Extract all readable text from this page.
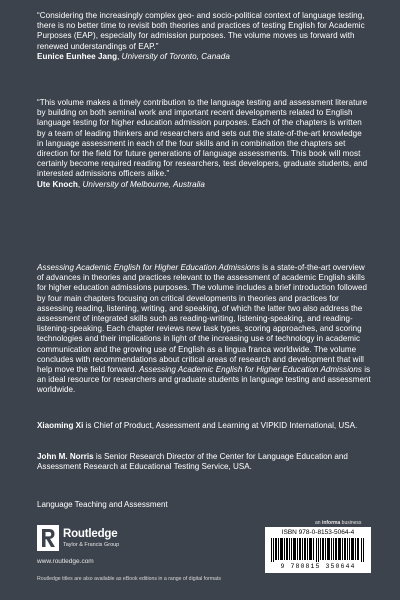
“Considering the increasingly complex geo- and socio-political context of language testing, there is no better time to revisit both theories and practices of testing English for Academic Purposes (EAP), especially for admission purposes. The volume moves us forward with renewed understandings of EAP.”
Eunice Eunhee Jang, University of Toronto, Canada
“This volume makes a timely contribution to the language testing and assessment literature by building on both seminal work and important recent developments related to English language testing for higher education admission purposes. Each of the chapters is written by a team of leading thinkers and researchers and sets out the state-of-the-art knowledge in language assessment in each of the four skills and in combination the chapters set direction for the field for future generations of language assessments. This book will most certainly become required reading for researchers, test developers, graduate students, and interested admissions officers alike.”
Ute Knoch, University of Melbourne, Australia
Assessing Academic English for Higher Education Admissions is a state-of-the-art overview of advances in theories and practices relevant to the assessment of academic English skills for higher education admissions purposes. The volume includes a brief introduction followed by four main chapters focusing on critical developments in theories and practices for assessing reading, listening, writing, and speaking, of which the latter two also address the assessment of integrated skills such as reading-writing, listening-speaking, and reading-listening-speaking. Each chapter reviews new task types, scoring approaches, and scoring technologies and their implications in light of the increasing use of technology in academic communication and the growing use of English as a lingua franca worldwide. The volume concludes with recommendations about critical areas of research and development that will help move the field forward. Assessing Academic English for Higher Education Admissions is an ideal resource for researchers and graduate students in language testing and assessment worldwide.
Xiaoming Xi is Chief of Product, Assessment and Learning at VIPKID International, USA.
John M. Norris is Senior Research Director of the Center for Language Education and Assessment Research at Educational Testing Service, USA.
Language Teaching and Assessment
an informa business
Routledge
Taylor & Francis Group
www.routledge.com
Routledge titles are also available as eBook editions in a range of digital formats
ISBN 978-0-8153-5064-4
9 780815 350644
